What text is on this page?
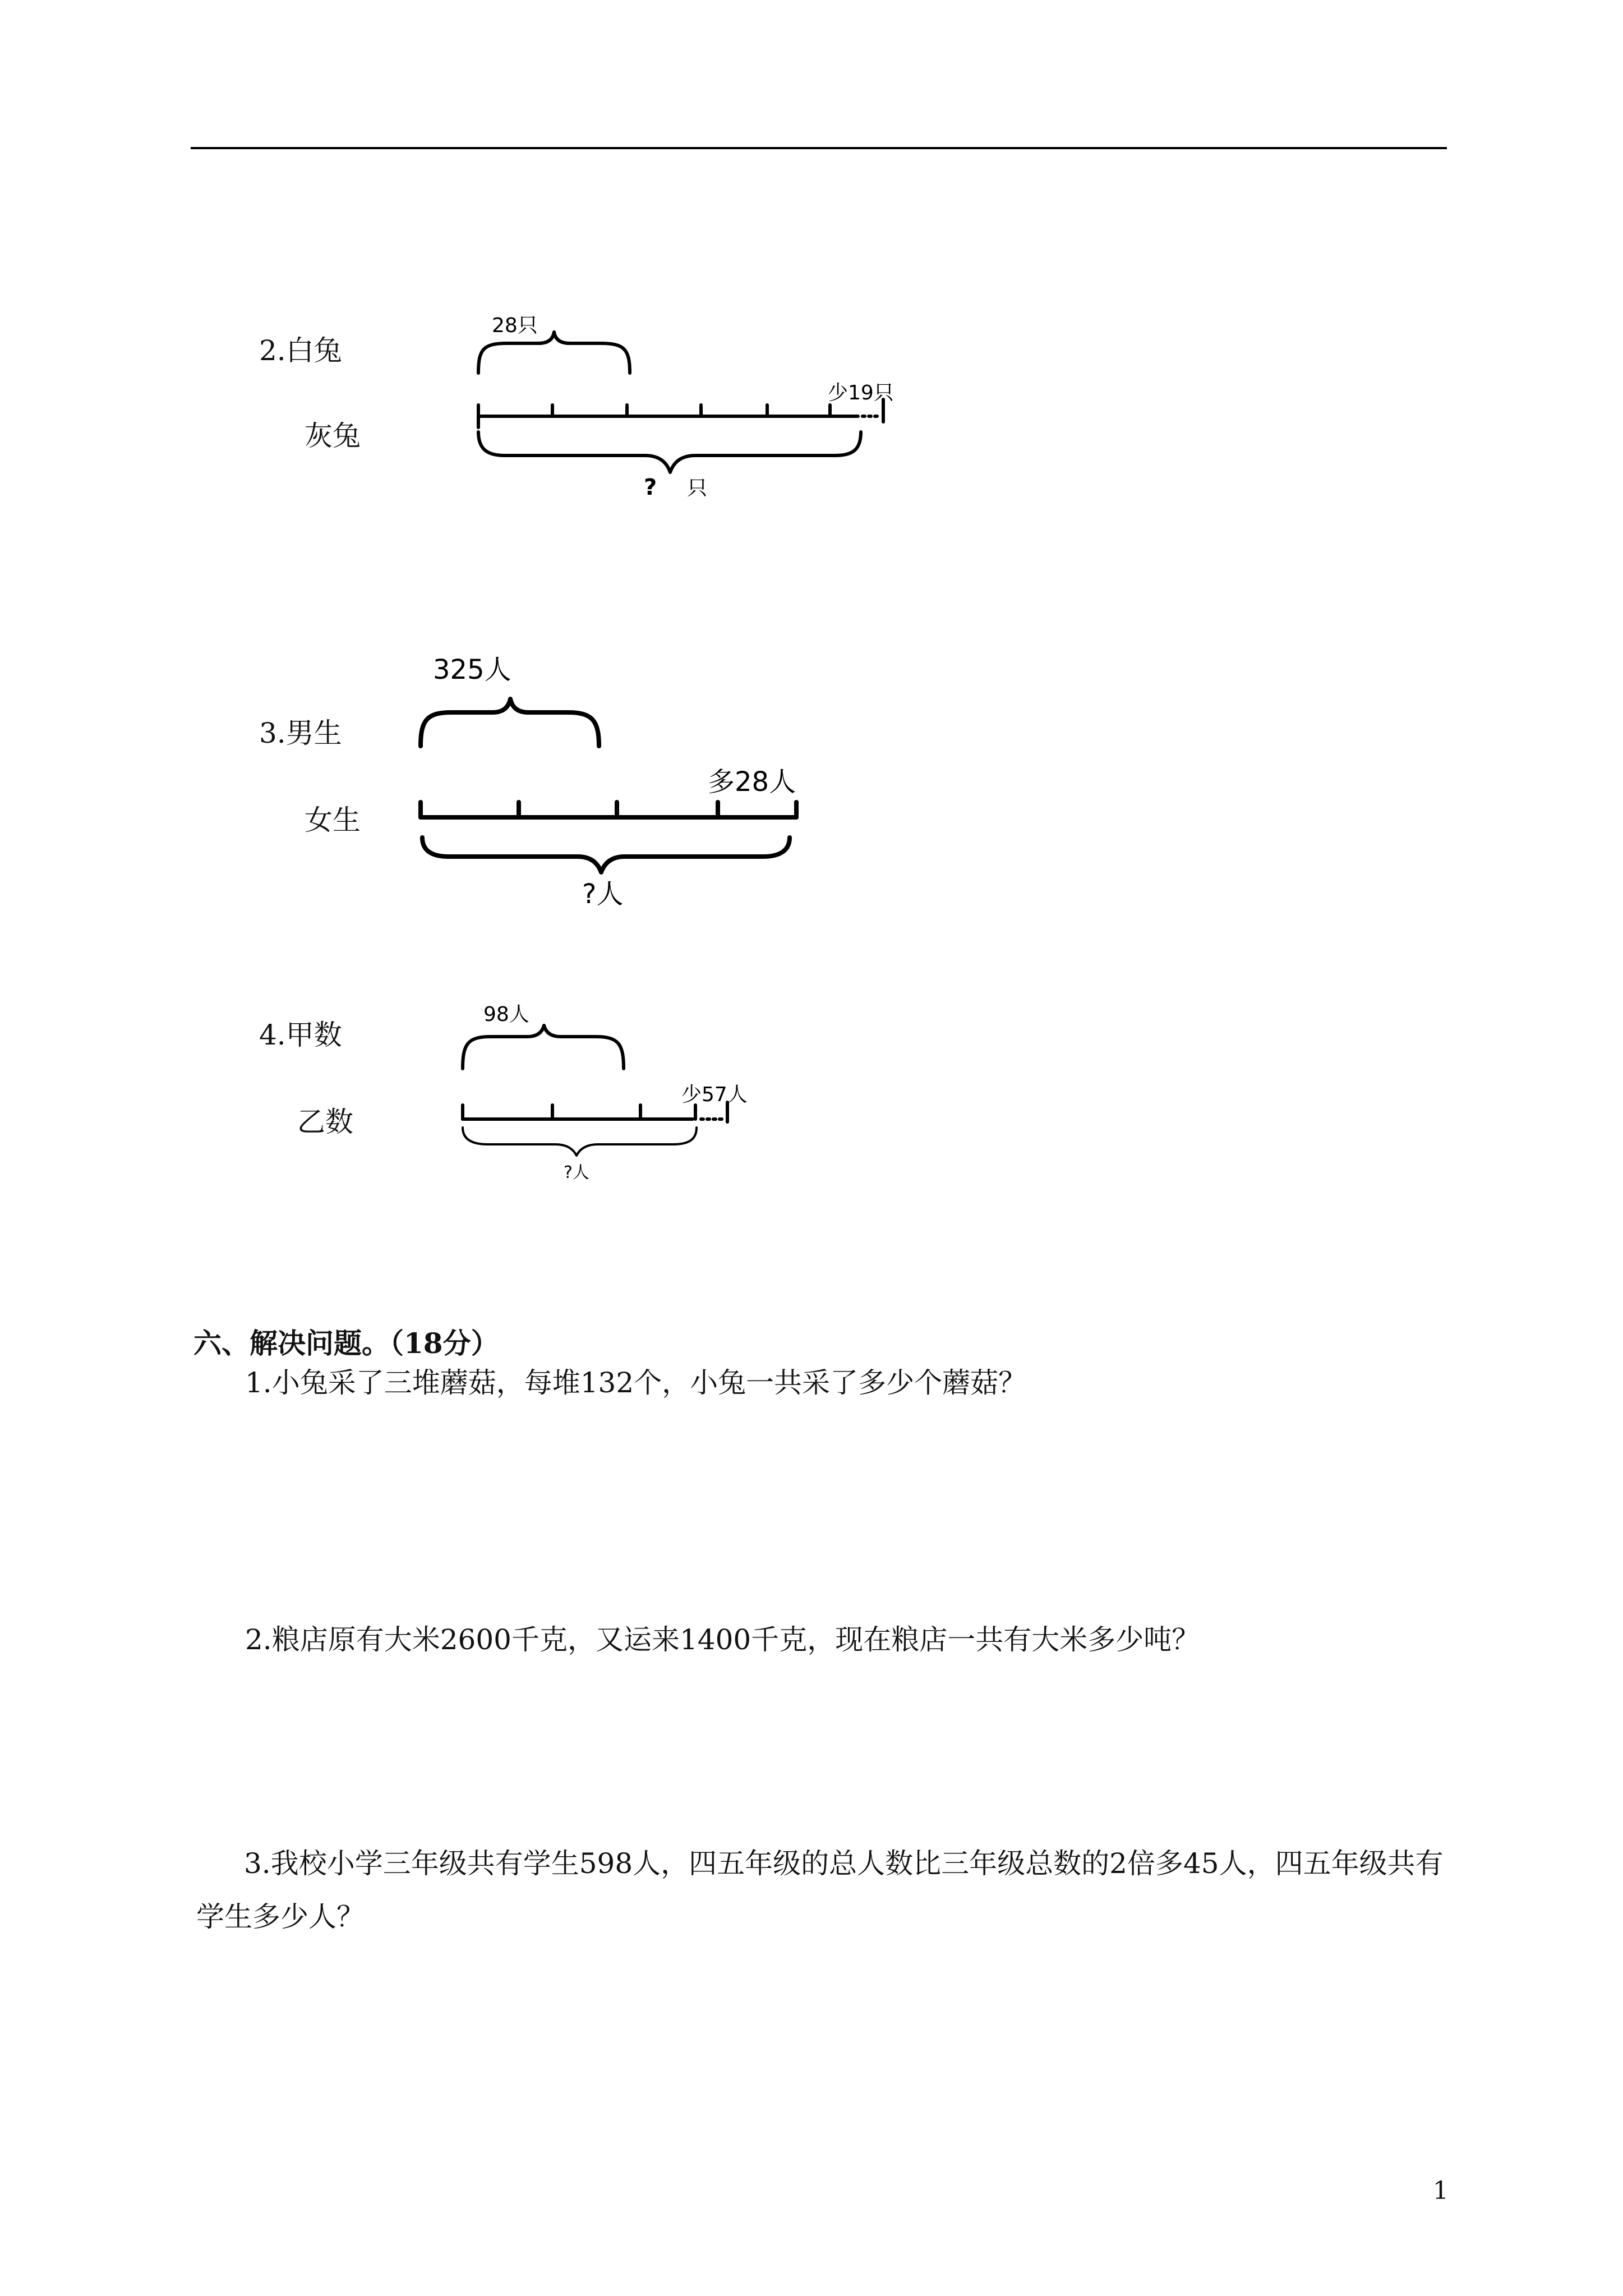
2.白兔
灰兔
28只
少19只
? 只
3.男生
女生
325人
多28人
?人
4.甲数
乙数
98人
少57人
?人
六、解决问题。（18分）
1.小兔采了三堆蘑菇，每堆132个，小兔一共采了多少个蘑菇？
2.粮店原有大米2600千克，又运来1400千克，现在粮店一共有大米多少吨？
3.我校小学三年级共有学生598人，四五年级的总人数比三年级总数的2倍多45人，四五年级共有学生多少人？
1
